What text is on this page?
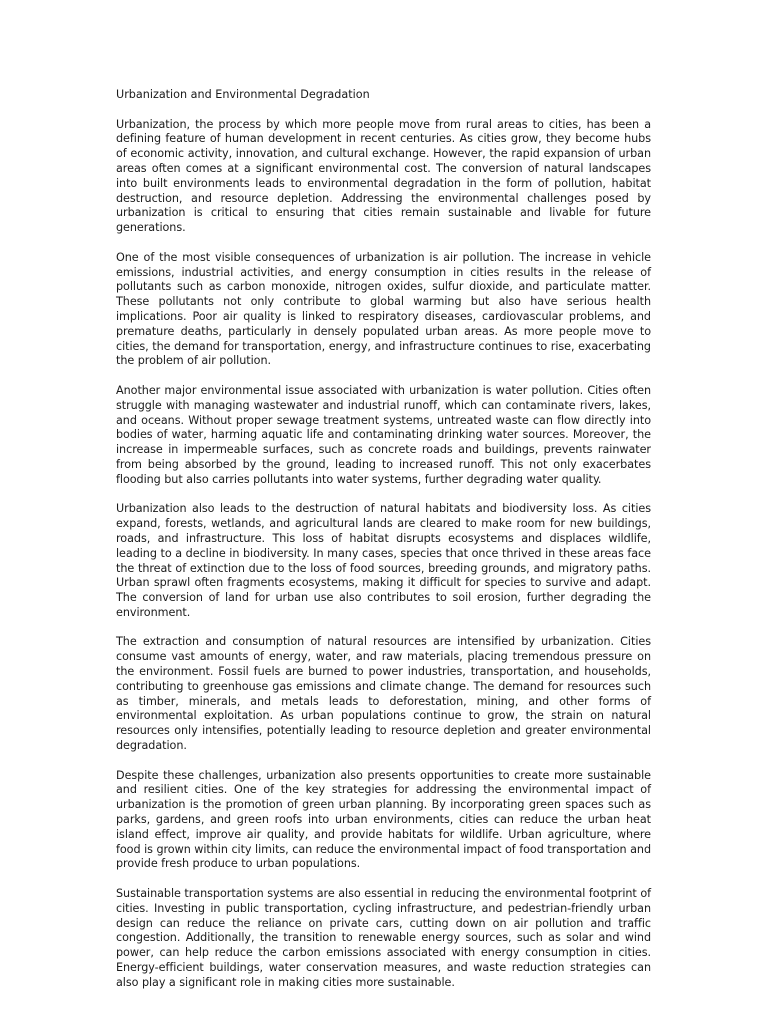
Urbanization and Environmental Degradation

Urbanization, the process by which more people move from rural areas to cities, has been a defining feature of human development in recent centuries. As cities grow, they become hubs of economic activity, innovation, and cultural exchange. However, the rapid expansion of urban areas often comes at a significant environmental cost. The conversion of natural landscapes into built environments leads to environmental degradation in the form of pollution, habitat destruction, and resource depletion. Addressing the environmental challenges posed by urbanization is critical to ensuring that cities remain sustainable and livable for future generations.

One of the most visible consequences of urbanization is air pollution. The increase in vehicle emissions, industrial activities, and energy consumption in cities results in the release of pollutants such as carbon monoxide, nitrogen oxides, sulfur dioxide, and particulate matter. These pollutants not only contribute to global warming but also have serious health implications. Poor air quality is linked to respiratory diseases, cardiovascular problems, and premature deaths, particularly in densely populated urban areas. As more people move to cities, the demand for transportation, energy, and infrastructure continues to rise, exacerbating the problem of air pollution.

Another major environmental issue associated with urbanization is water pollution. Cities often struggle with managing wastewater and industrial runoff, which can contaminate rivers, lakes, and oceans. Without proper sewage treatment systems, untreated waste can flow directly into bodies of water, harming aquatic life and contaminating drinking water sources. Moreover, the increase in impermeable surfaces, such as concrete roads and buildings, prevents rainwater from being absorbed by the ground, leading to increased runoff. This not only exacerbates flooding but also carries pollutants into water systems, further degrading water quality.

Urbanization also leads to the destruction of natural habitats and biodiversity loss. As cities expand, forests, wetlands, and agricultural lands are cleared to make room for new buildings, roads, and infrastructure. This loss of habitat disrupts ecosystems and displaces wildlife, leading to a decline in biodiversity. In many cases, species that once thrived in these areas face the threat of extinction due to the loss of food sources, breeding grounds, and migratory paths. Urban sprawl often fragments ecosystems, making it difficult for species to survive and adapt. The conversion of land for urban use also contributes to soil erosion, further degrading the environment.

The extraction and consumption of natural resources are intensified by urbanization. Cities consume vast amounts of energy, water, and raw materials, placing tremendous pressure on the environment. Fossil fuels are burned to power industries, transportation, and households, contributing to greenhouse gas emissions and climate change. The demand for resources such as timber, minerals, and metals leads to deforestation, mining, and other forms of environmental exploitation. As urban populations continue to grow, the strain on natural resources only intensifies, potentially leading to resource depletion and greater environmental degradation.

Despite these challenges, urbanization also presents opportunities to create more sustainable and resilient cities. One of the key strategies for addressing the environmental impact of urbanization is the promotion of green urban planning. By incorporating green spaces such as parks, gardens, and green roofs into urban environments, cities can reduce the urban heat island effect, improve air quality, and provide habitats for wildlife. Urban agriculture, where food is grown within city limits, can reduce the environmental impact of food transportation and provide fresh produce to urban populations.

Sustainable transportation systems are also essential in reducing the environmental footprint of cities. Investing in public transportation, cycling infrastructure, and pedestrian-friendly urban design can reduce the reliance on private cars, cutting down on air pollution and traffic congestion. Additionally, the transition to renewable energy sources, such as solar and wind power, can help reduce the carbon emissions associated with energy consumption in cities. Energy-efficient buildings, water conservation measures, and waste reduction strategies can also play a significant role in making cities more sustainable.
